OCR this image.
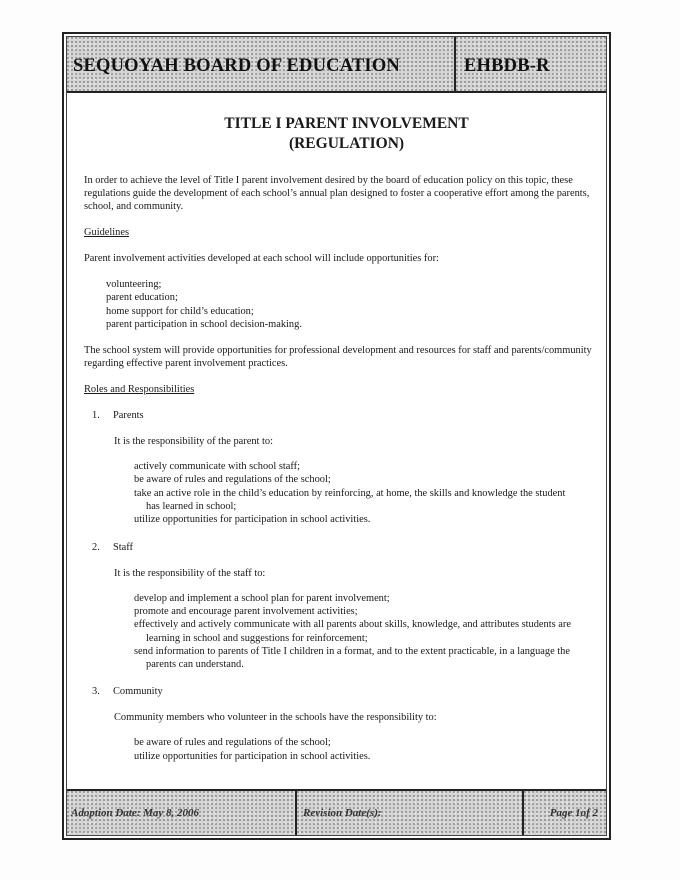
SEQUOYAH BOARD OF EDUCATION	EHBDB-R
TITLE I PARENT INVOLVEMENT
(REGULATION)

In order to achieve the level of Title I parent involvement desired by the board of education policy on this topic, these regulations guide the development of each school’s annual plan designed to foster a cooperative effort among the parents, school, and community.

Guidelines

Parent involvement activities developed at each school will include opportunities for:

volunteering;
parent education;
home support for child’s education;
parent participation in school decision-making.

The school system will provide opportunities for professional development and resources for staff and parents/community regarding effective parent involvement practices.

Roles and Responsibilities

1.	Parents

It is the responsibility of the parent to:

actively communicate with school staff;
be aware of rules and regulations of the school;
take an active role in the child’s education by reinforcing, at home, the skills and knowledge the student
has learned in school;
utilize opportunities for participation in school activities.
2.	Staff

It is the responsibility of the staff to:

develop and implement a school plan for parent involvement;
promote and encourage parent involvement activities;
effectively and actively communicate with all parents about skills, knowledge, and attributes students are
learning in school and suggestions for reinforcement;
send information to parents of Title I children in a format, and to the extent practicable, in a language the
parents can understand.
3.	Community

Community members who volunteer in the schools have the responsibility to:

be aware of rules and regulations of the school;
utilize opportunities for participation in school activities.
Adoption Date: May 8, 2006	Revision Date(s):	Page 1of 2
